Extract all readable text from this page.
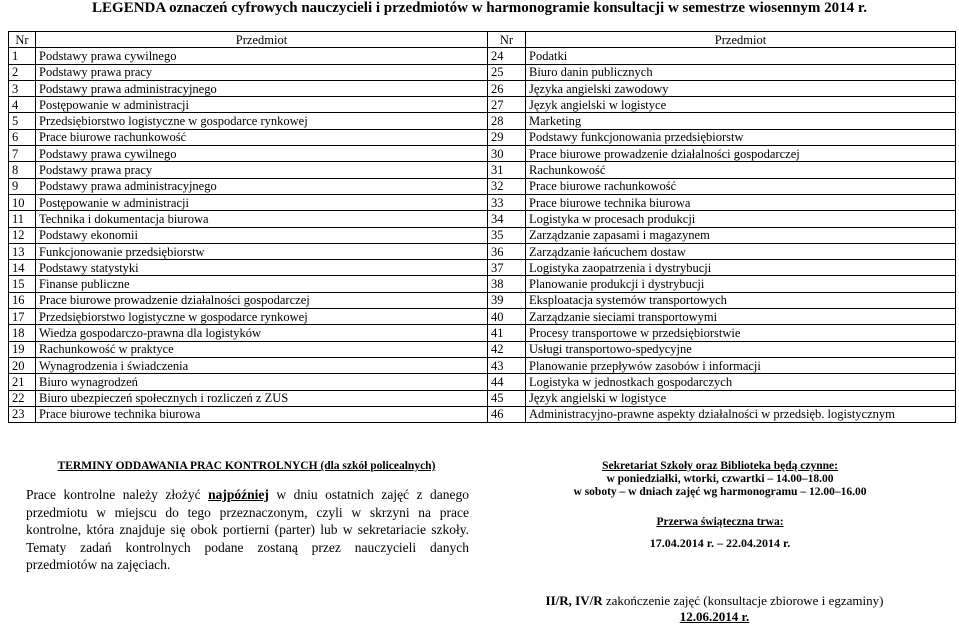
LEGENDA oznaczeń cyfrowych nauczycieli i przedmiotów w harmonogramie konsultacji w semestrze wiosennym 2014 r.
Nr	Przedmiot	Nr	Przedmiot
1	Podstawy prawa cywilnego	24	Podatki
2	Podstawy prawa pracy	25	Biuro danin publicznych
3	Podstawy prawa administracyjnego	26	Języka angielski zawodowy
4	Postępowanie w administracji	27	Język angielski w logistyce
5	Przedsiębiorstwo logistyczne w gospodarce rynkowej	28	Marketing
6	Prace biurowe rachunkowość	29	Podstawy funkcjonowania przedsiębiorstw
7	Podstawy prawa cywilnego	30	Prace biurowe prowadzenie działalności gospodarczej
8	Podstawy prawa pracy	31	Rachunkowość
9	Podstawy prawa administracyjnego	32	Prace biurowe rachunkowość
10	Postępowanie w administracji	33	Prace biurowe technika biurowa
11	Technika i dokumentacja biurowa	34	Logistyka w procesach produkcji
12	Podstawy ekonomii	35	Zarządzanie zapasami i magazynem
13	Funkcjonowanie przedsiębiorstw	36	Zarządzanie łańcuchem dostaw
14	Podstawy statystyki	37	Logistyka zaopatrzenia i dystrybucji
15	Finanse publiczne	38	Planowanie produkcji i dystrybucji
16	Prace biurowe prowadzenie działalności gospodarczej	39	Eksploatacja systemów transportowych
17	Przedsiębiorstwo logistyczne w gospodarce rynkowej	40	Zarządzanie sieciami transportowymi
18	Wiedza gospodarczo-prawna dla logistyków	41	Procesy transportowe w przedsiębiorstwie
19	Rachunkowość w praktyce	42	Usługi transportowo-spedycyjne
20	Wynagrodzenia i świadczenia	43	Planowanie przepływów zasobów i informacji
21	Biuro wynagrodzeń	44	Logistyka w jednostkach gospodarczych
22	Biuro ubezpieczeń społecznych i rozliczeń z ZUS	45	Język angielski w logistyce
23	Prace biurowe technika biurowa	46	Administracyjno-prawne aspekty działalności w przedsięb. logistycznym
TERMINY ODDAWANIA PRAC KONTROLNYCH (dla szkół policealnych)
Prace kontrolne należy złożyć najpóźniej w dniu ostatnich zajęć z danego przedmiotu w miejscu do tego przeznaczonym, czyli w skrzyni na prace kontrolne, która znajduje się obok portierni (parter) lub w sekretariacie szkoły. Tematy zadań kontrolnych podane zostaną przez nauczycieli danych przedmiotów na zajęciach.
Sekretariat Szkoły oraz Biblioteka będą czynne:
w poniedziałki, wtorki, czwartki – 14.00–18.00
w soboty – w dniach zajęć wg harmonogramu – 12.00–16.00
Przerwa świąteczna trwa:
17.04.2014 r. – 22.04.2014 r.
II/R, IV/R zakończenie zajęć (konsultacje zbiorowe i egzaminy)
12.06.2014 r.
